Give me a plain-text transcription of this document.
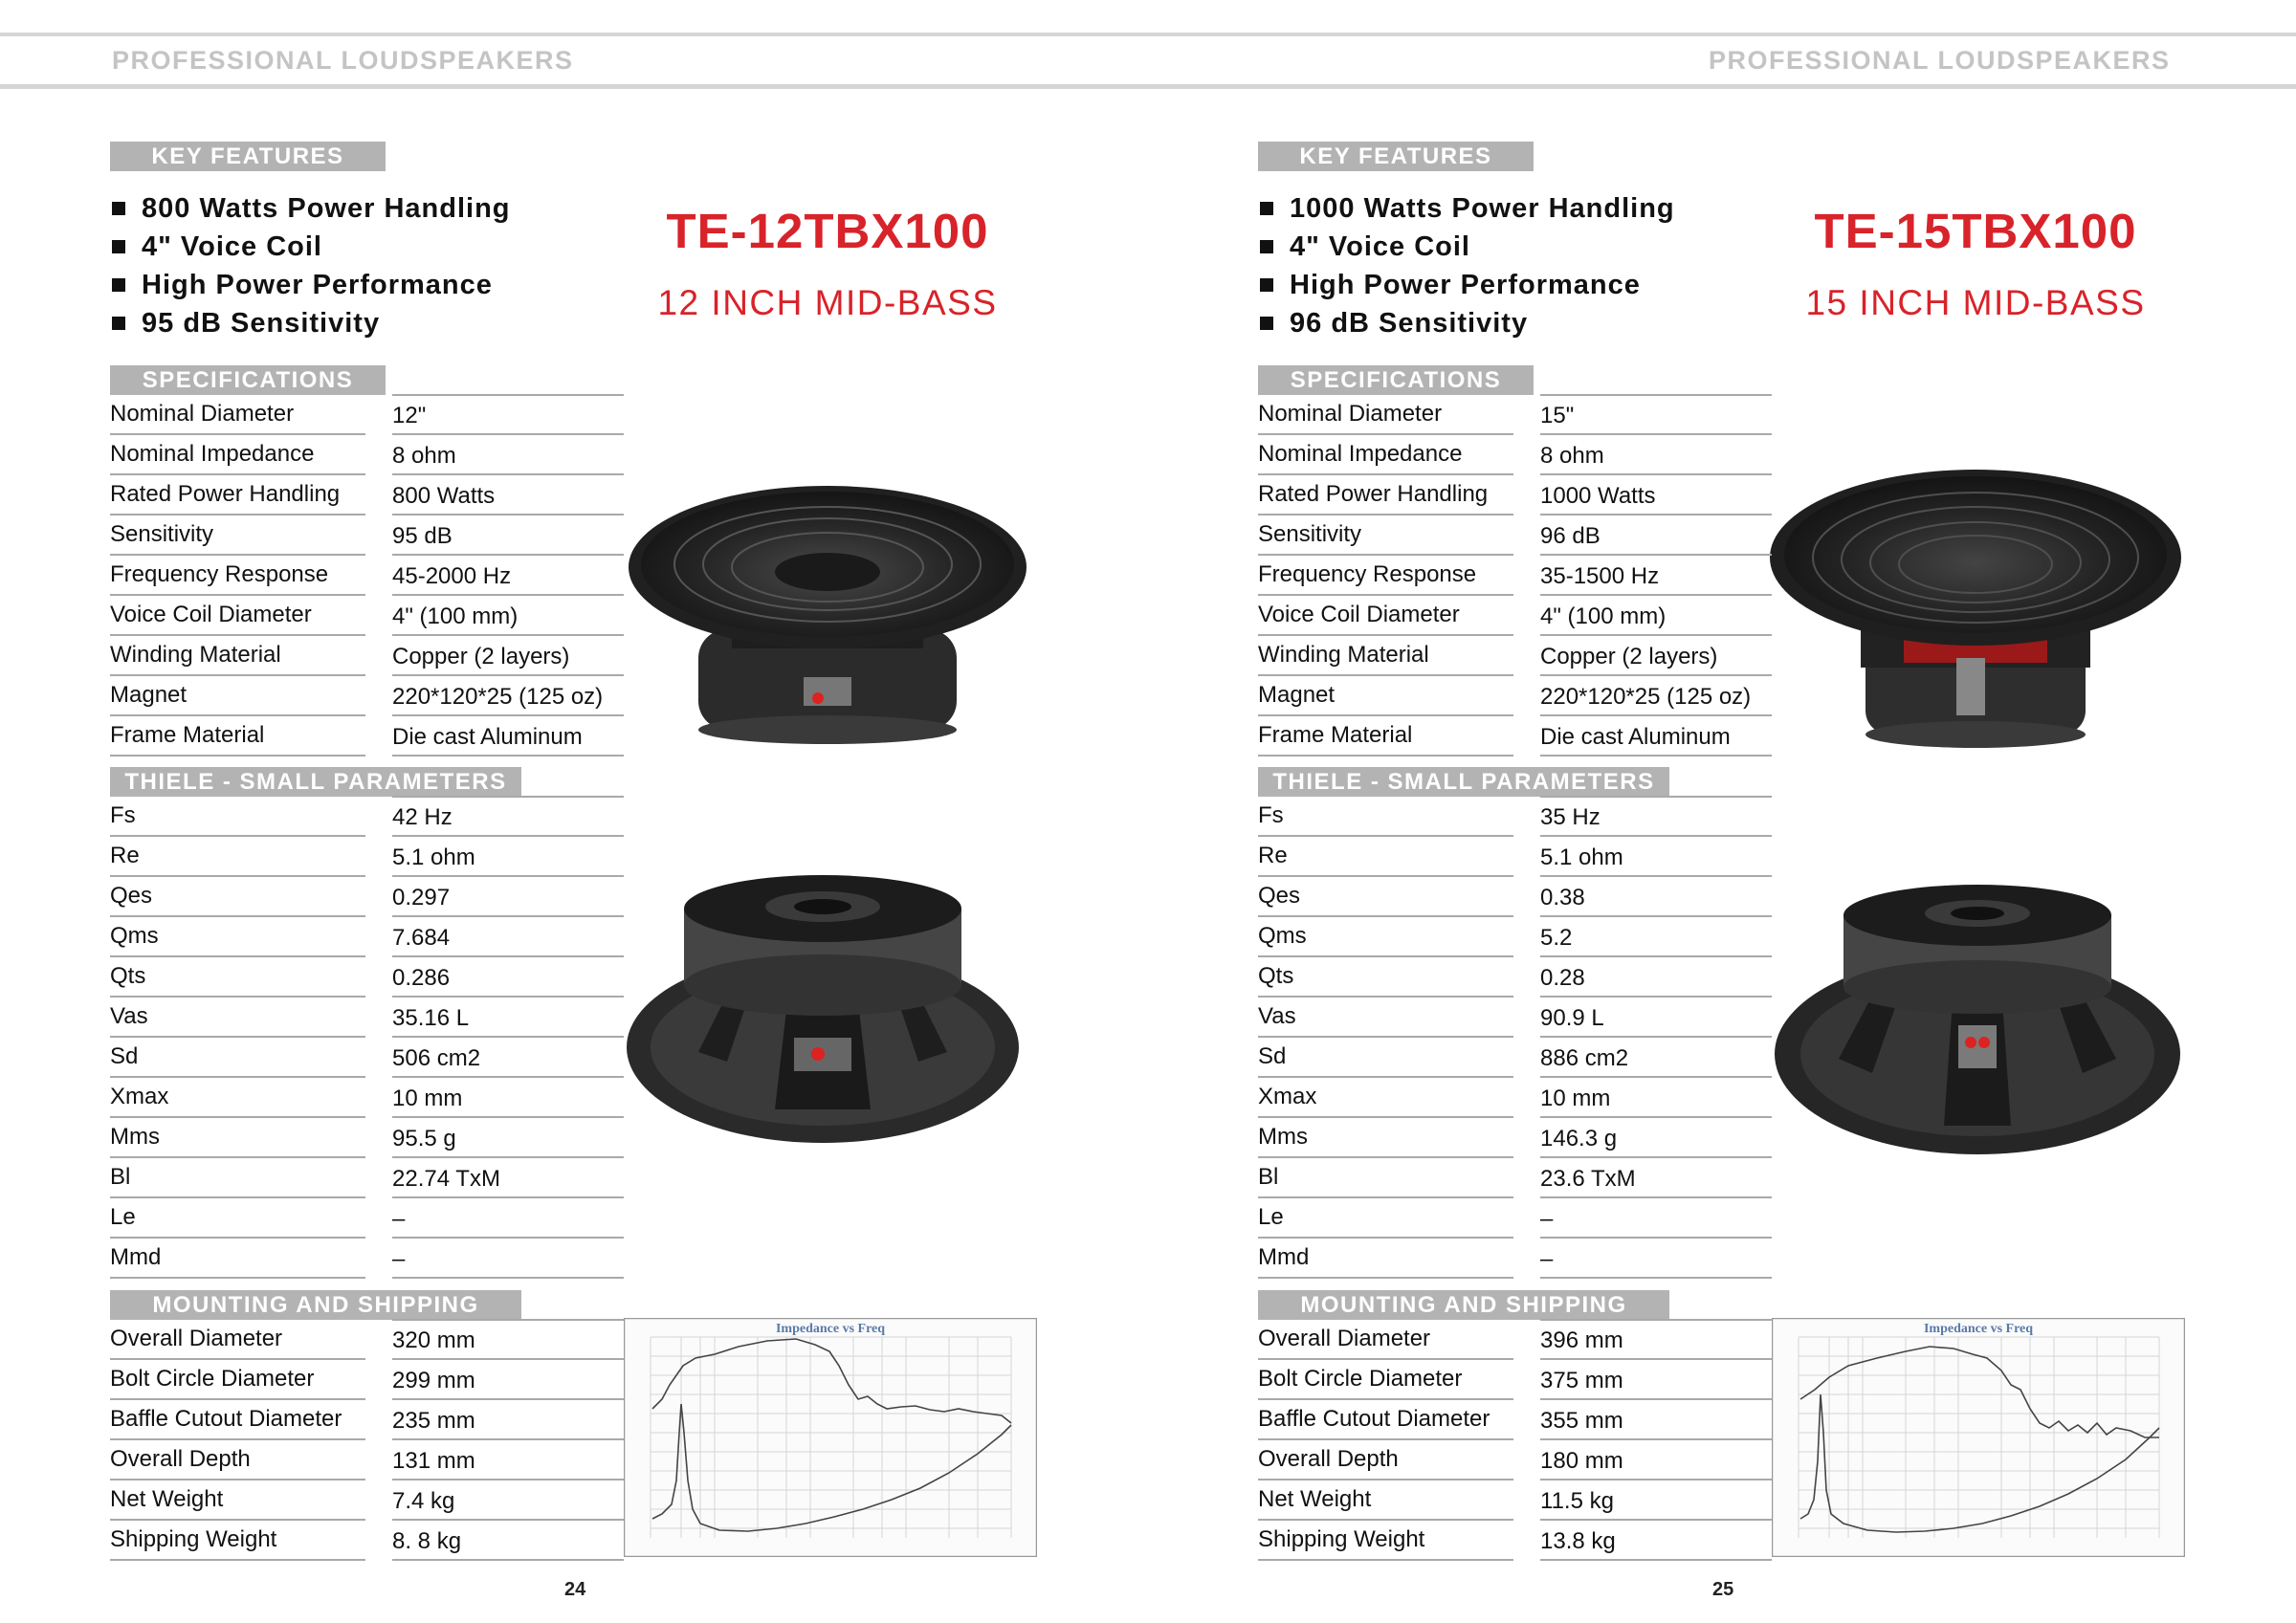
PROFESSIONAL LOUDSPEAKERS	PROFESSIONAL LOUDSPEAKERS
KEY FEATURES
800 Watts Power Handling
4" Voice Coil
High Power Performance
95 dB Sensitivity
TE-12TBX100
12 INCH MID-BASS
SPECIFICATIONS
THIELE - SMALL PARAMETERS
MOUNTING AND SHIPPING
Impedance vs Freq
24
Nominal Diameter	12"
Nominal Impedance	8 ohm
Rated Power Handling 800 Watts
Sensitivity	95 dB
Frequency Response	45-2000 Hz
Voice Coil Diameter	4" (100 mm)
Winding Material	Copper (2 layers)
Magnet	220*120*25 (125 oz)
Frame Material	Die cast Aluminum
Fs	42 Hz
Re	5.1 ohm
Qes	0.297
Qms	7.684
Qts	0.286
Vas	35.16 L
Sd	506 cm2
Xmax	10 mm
Mms	95.5 g
Bl	22.74 TxM
Le	–
Mmd	–
Overall Diameter	320 mm
Bolt Circle Diameter	299 mm
Baffle Cutout Diameter 235 mm
Overall Depth	131 mm
Net Weight	7.4 kg
Shipping Weight	8. 8 kg
KEY FEATURES
1000 Watts Power Handling
4" Voice Coil
High Power Performance
96 dB Sensitivity
TE-15TBX100
15 INCH MID-BASS
SPECIFICATIONS
THIELE - SMALL PARAMETERS
MOUNTING AND SHIPPING
Impedance vs Freq
25
Nominal Diameter	15"
Nominal Impedance	8 ohm
Rated Power Handling 1000 Watts
Sensitivity	96 dB
Frequency Response	35-1500 Hz
Voice Coil Diameter	4" (100 mm)
Winding Material	Copper (2 layers)
Magnet	220*120*25 (125 oz)
Frame Material	Die cast Aluminum
Fs	35 Hz
Re	5.1 ohm
Qes	0.38
Qms	5.2
Qts	0.28
Vas	90.9 L
Sd	886 cm2
Xmax	10 mm
Mms	146.3 g
Bl	23.6 TxM
Le	–
Mmd	–
Overall Diameter	396 mm
Bolt Circle Diameter	375 mm
Baffle Cutout Diameter 355 mm
Overall Depth	180 mm
Net Weight	11.5 kg
Shipping Weight	13.8 kg
